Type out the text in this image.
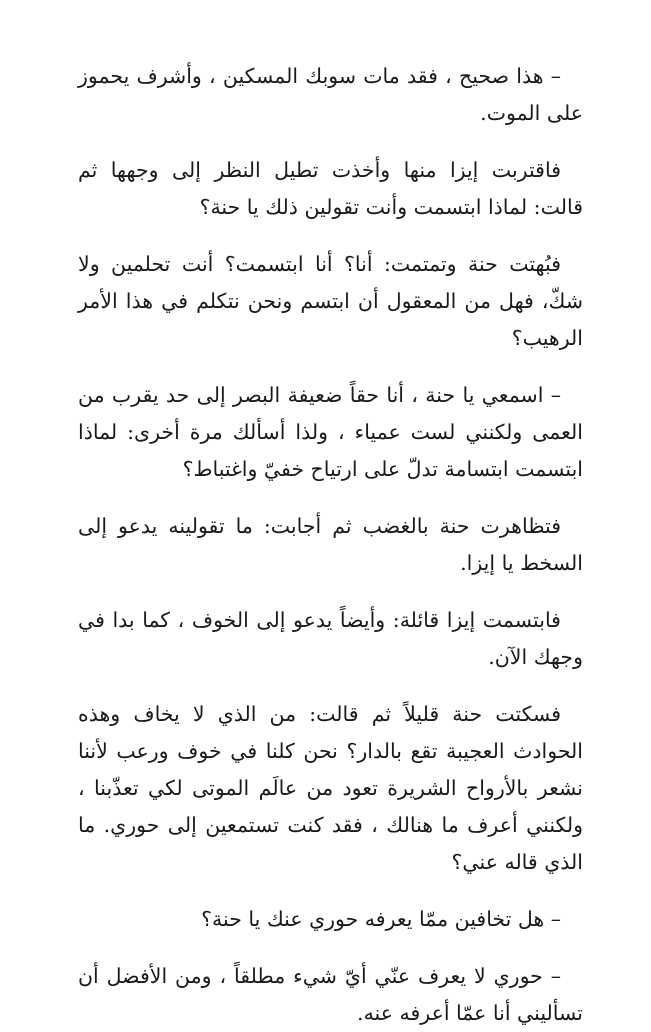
– هذا صحيح ، فقد مات سوبك المسكين ، وأشرف يحموز على الموت.

فاقتربت إيزا منها وأخذت تطيل النظر إلى وجهها ثم قالت: لماذا ابتسمت وأنت تقولين ذلك يا حنة؟

فبُهتت حنة وتمتمت: أنا؟ أنا ابتسمت؟ أنت تحلمين ولا شكّ، فهل من المعقول أن ابتسم ونحن نتكلم في هذا الأمر الرهيب؟

– اسمعي يا حنة ، أنا حقاً ضعيفة البصر إلى حد يقرب من العمى ولكنني لست عمياء ، ولذا أسألك مرة أخرى: لماذا ابتسمت ابتسامة تدلّ على ارتياح خفيّ واغتباط؟

فتظاهرت حنة بالغضب ثم أجابت: ما تقولينه يدعو إلى السخط يا إيزا.

فابتسمت إيزا قائلة: وأيضاً يدعو إلى الخوف ، كما بدا في وجهك الآن.

فسكتت حنة قليلاً ثم قالت: من الذي لا يخاف وهذه الحوادث العجيبة تقع بالدار؟ نحن كلنا في خوف ورعب لأننا نشعر بالأرواح الشريرة تعود من عالَم الموتى لكي تعذّبنا ، ولكنني أعرف ما هنالك ، فقد كنت تستمعين إلى حوري. ما الذي قاله عني؟

– هل تخافين ممّا يعرفه حوري عنك يا حنة؟

– حوري لا يعرف عنّي أيّ شيء مطلقاً ، ومن الأفضل أن تسأليني أنا عمّا أعرفه عنه.
